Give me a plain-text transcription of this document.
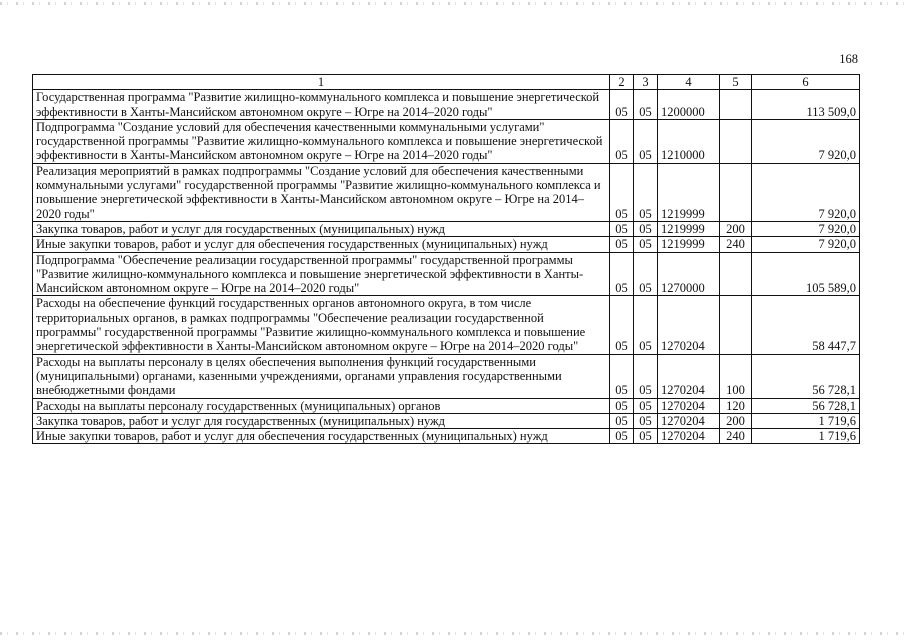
168
1	2	3	4	5	6
Государственная программа "Развитие жилищно-коммунального комплекса и повышение энергетической эффективности в Ханты-Мансийском автономном округе – Югре на 2014–2020 годы"	05	05	1200000		113 509,0
Подпрограмма "Создание условий для обеспечения качественными коммунальными услугами" государственной программы "Развитие жилищно-коммунального комплекса и повышение энергетической эффективности в Ханты-Мансийском автономном округе – Югре на 2014–2020 годы"	05	05	1210000		7 920,0
Реализация мероприятий в рамках подпрограммы "Создание условий для обеспечения качественными коммунальными услугами" государственной программы "Развитие жилищно-коммунального комплекса и повышение энергетической эффективности в Ханты-Мансийском автономном округе – Югре на 2014–2020 годы"	05	05	1219999		7 920,0
Закупка товаров, работ и услуг для государственных (муниципальных) нужд	05	05	1219999	200	7 920,0
Иные закупки товаров, работ и услуг для обеспечения государственных (муниципальных) нужд	05	05	1219999	240	7 920,0
Подпрограмма "Обеспечение реализации государственной программы" государственной программы "Развитие жилищно-коммунального комплекса и повышение энергетической эффективности в Ханты-Мансийском автономном округе – Югре на 2014–2020 годы"	05	05	1270000		105 589,0
Расходы на обеспечение функций государственных органов автономного округа, в том числе территориальных органов, в рамках подпрограммы "Обеспечение реализации государственной программы" государственной программы "Развитие жилищно-коммунального комплекса и повышение энергетической эффективности в Ханты-Мансийском автономном округе – Югре на 2014–2020 годы"	05	05	1270204		58 447,7
Расходы на выплаты персоналу в целях обеспечения выполнения функций государственными (муниципальными) органами, казенными учреждениями, органами управления государственными внебюджетными фондами	05	05	1270204	100	56 728,1
Расходы на выплаты персоналу государственных (муниципальных) органов	05	05	1270204	120	56 728,1
Закупка товаров, работ и услуг для государственных (муниципальных) нужд	05	05	1270204	200	1 719,6
Иные закупки товаров, работ и услуг для обеспечения государственных (муниципальных) нужд	05	05	1270204	240	1 719,6
